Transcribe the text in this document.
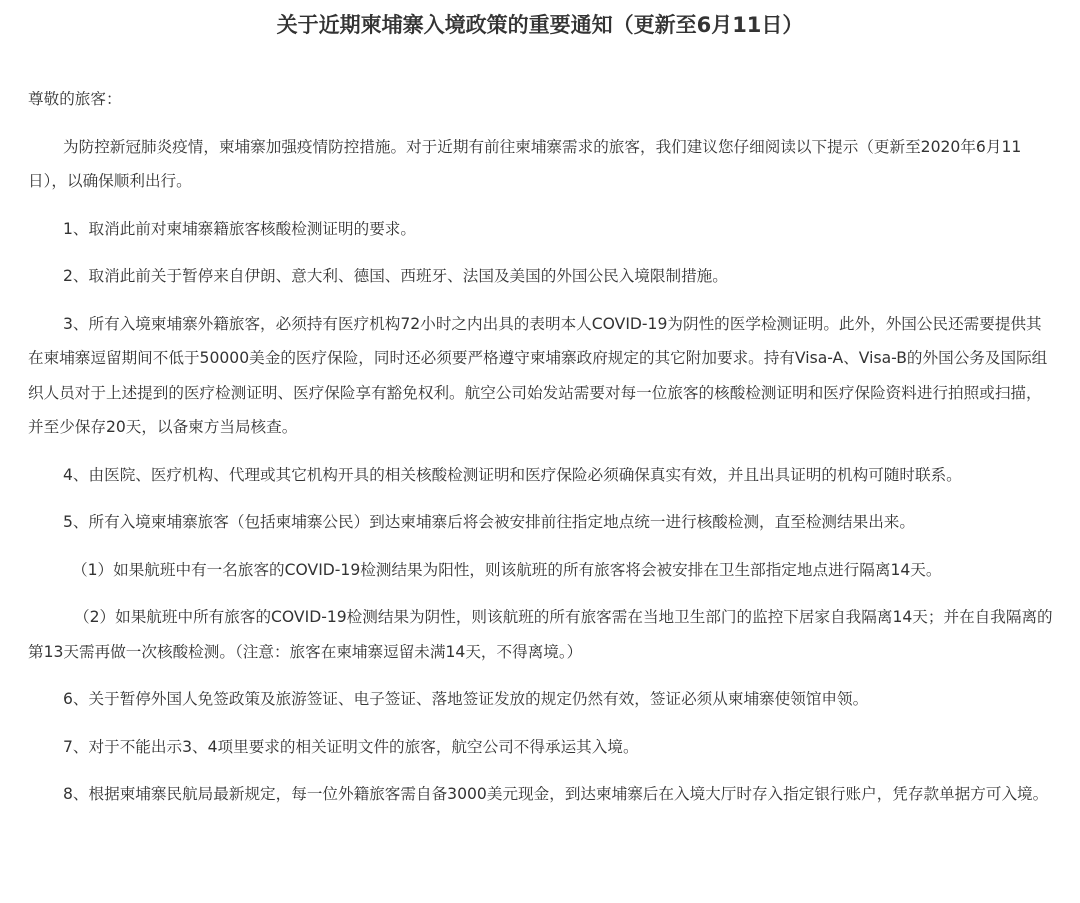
关于近期柬埔寨入境政策的重要通知（更新至6月11日）

尊敬的旅客：

为防控新冠肺炎疫情，柬埔寨加强疫情防控措施。对于近期有前往柬埔寨需求的旅客，我们建议您仔细阅读以下提示（更新至2020年6月11日），以确保顺利出行。

1、取消此前对柬埔寨籍旅客核酸检测证明的要求。

2、取消此前关于暂停来自伊朗、意大利、德国、西班牙、法国及美国的外国公民入境限制措施。

3、所有入境柬埔寨外籍旅客，必须持有医疗机构72小时之内出具的表明本人COVID-19为阴性的医学检测证明。此外，外国公民还需要提供其在柬埔寨逗留期间不低于50000美金的医疗保险，同时还必须要严格遵守柬埔寨政府规定的其它附加要求。持有Visa-A、Visa-B的外国公务及国际组织人员对于上述提到的医疗检测证明、医疗保险享有豁免权利。航空公司始发站需要对每一位旅客的核酸检测证明和医疗保险资料进行拍照或扫描，并至少保存20天，以备柬方当局核查。

4、由医院、医疗机构、代理或其它机构开具的相关核酸检测证明和医疗保险必须确保真实有效，并且出具证明的机构可随时联系。

5、所有入境柬埔寨旅客（包括柬埔寨公民）到达柬埔寨后将会被安排前往指定地点统一进行核酸检测，直至检测结果出来。

（1）如果航班中有一名旅客的COVID-19检测结果为阳性，则该航班的所有旅客将会被安排在卫生部指定地点进行隔离14天。

（2）如果航班中所有旅客的COVID-19检测结果为阴性，则该航班的所有旅客需在当地卫生部门的监控下居家自我隔离14天；并在自我隔离的第13天需再做一次核酸检测。（注意：旅客在柬埔寨逗留未满14天，不得离境。）

6、关于暂停外国人免签政策及旅游签证、电子签证、落地签证发放的规定仍然有效，签证必须从柬埔寨使领馆申领。

7、对于不能出示3、4项里要求的相关证明文件的旅客，航空公司不得承运其入境。

8、根据柬埔寨民航局最新规定，每一位外籍旅客需自备3000美元现金，到达柬埔寨后在入境大厅时存入指定银行账户，凭存款单据方可入境。
